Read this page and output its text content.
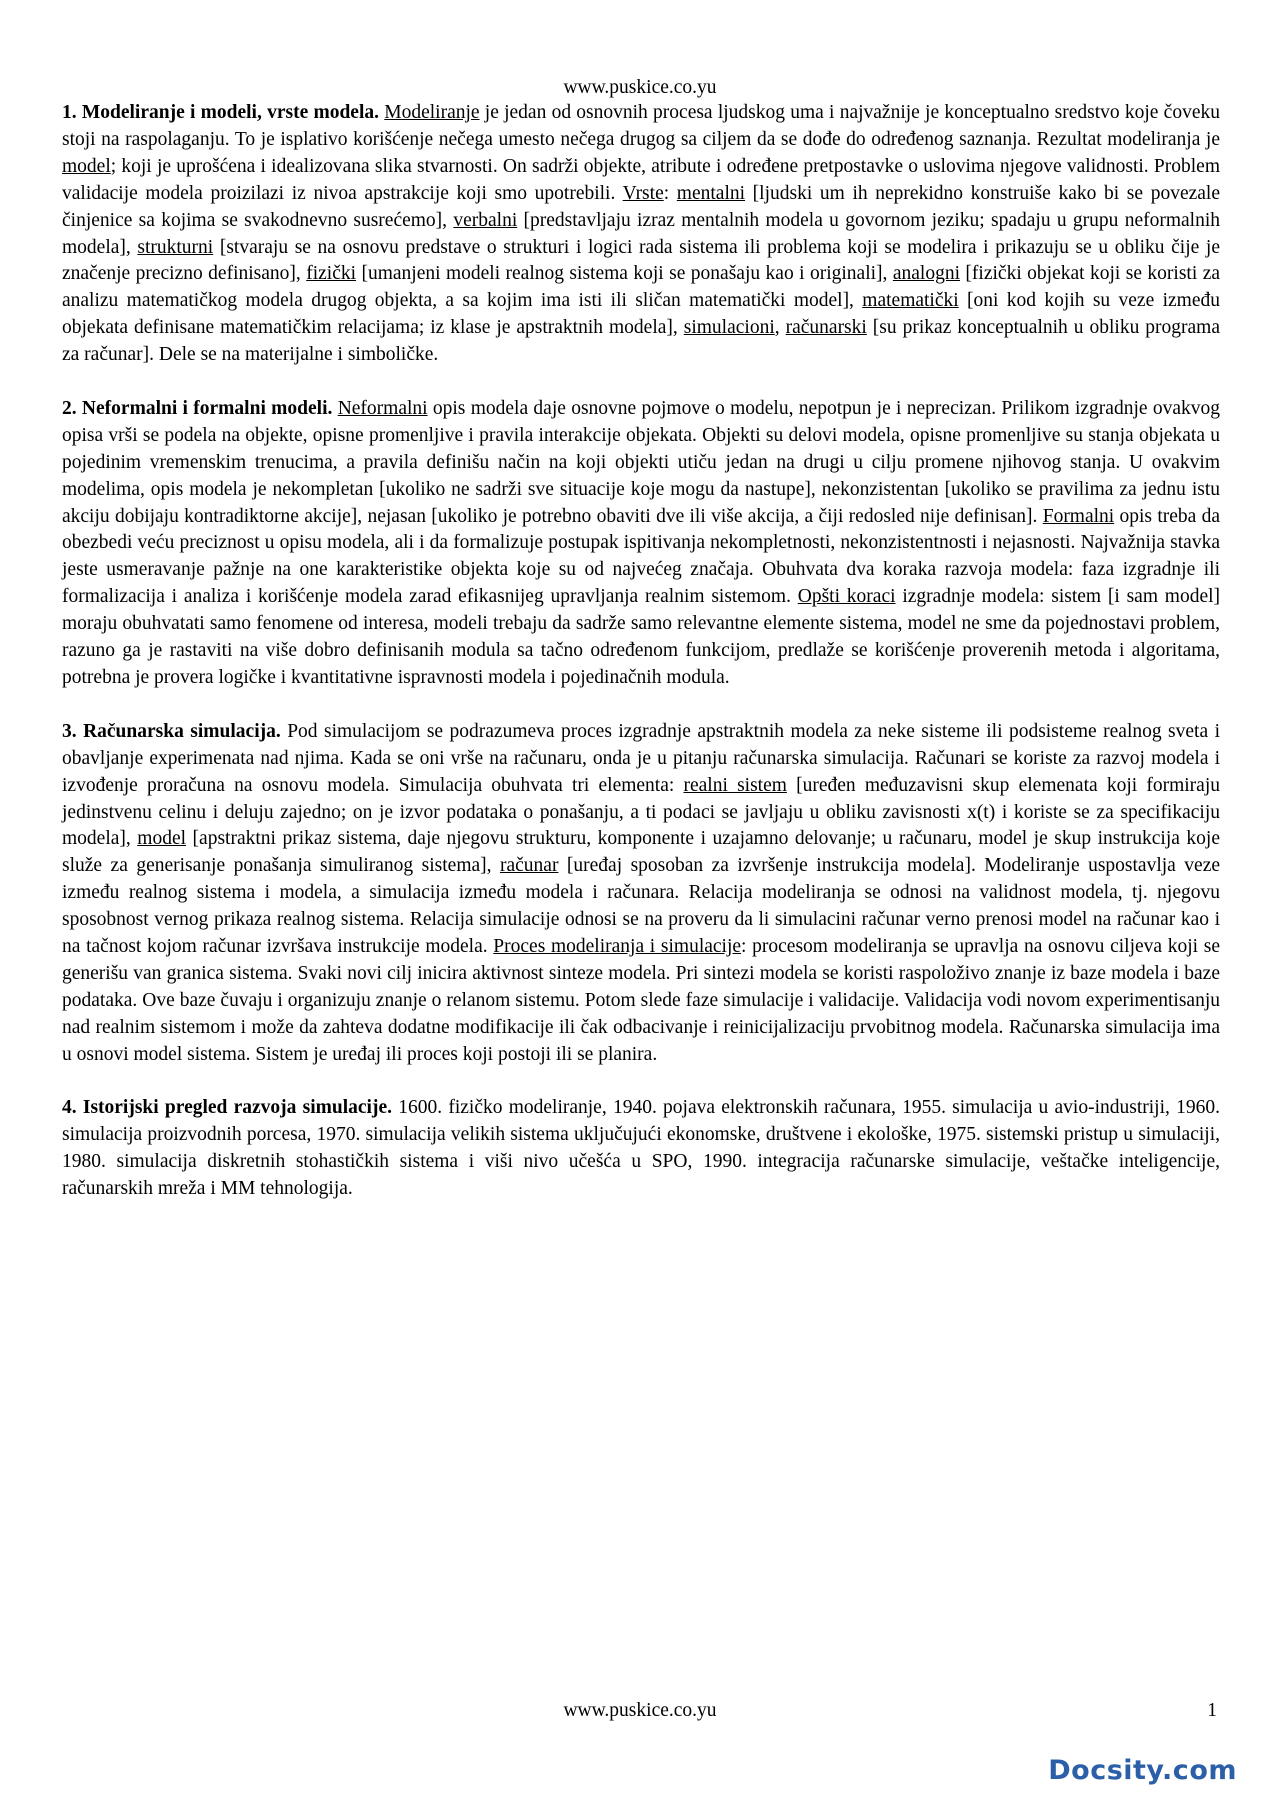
www.puskice.co.yu

1. Modeliranje i modeli, vrste modela. Modeliranje je jedan od osnovnih procesa ljudskog uma i najvažnije je konceptualno sredstvo koje čoveku stoji na raspolaganju. To je isplativo korišćenje nečega umesto nečega drugog sa ciljem da se dođe do određenog saznanja. Rezultat modeliranja je model; koji je uprošćena i idealizovana slika stvarnosti. On sadrži objekte, atribute i određene pretpostavke o uslovima njegove validnosti. Problem validacije modela proizilazi iz nivoa apstrakcije koji smo upotrebili. Vrste: mentalni [ljudski um ih neprekidno konstruiše kako bi se povezale činjenice sa kojima se svakodnevno susrećemo], verbalni [predstavljaju izraz mentalnih modela u govornom jeziku; spadaju u grupu neformalnih modela], strukturni [stvaraju se na osnovu predstave o strukturi i logici rada sistema ili problema koji se modelira i prikazuju se u obliku čije je značenje precizno definisano], fizički [umanjeni modeli realnog sistema koji se ponašaju kao i originali], analogni [fizički objekat koji se koristi za analizu matematičkog modela drugog objekta, a sa kojim ima isti ili sličan matematički model], matematički [oni kod kojih su veze između objekata definisane matematičkim relacijama; iz klase je apstraktnih modela], simulacioni, računarski [su prikaz konceptualnih u obliku programa za računar]. Dele se na materijalne i simboličke.

2. Neformalni i formalni modeli. Neformalni opis modela daje osnovne pojmove o modelu, nepotpun je i neprecizan. Prilikom izgradnje ovakvog opisa vrši se podela na objekte, opisne promenljive i pravila interakcije objekata. Objekti su delovi modela, opisne promenljive su stanja objekata u pojedinim vremenskim trenucima, a pravila definišu način na koji objekti utiču jedan na drugi u cilju promene njihovog stanja. U ovakvim modelima, opis modela je nekompletan [ukoliko ne sadrži sve situacije koje mogu da nastupe], nekonzistentan [ukoliko se pravilima za jednu istu akciju dobijaju kontradiktorne akcije], nejasan [ukoliko je potrebno obaviti dve ili više akcija, a čiji redosled nije definisan]. Formalni opis treba da obezbedi veću preciznost u opisu modela, ali i da formalizuje postupak ispitivanja nekompletnosti, nekonzistentnosti i nejasnosti. Najvažnija stavka jeste usmeravanje pažnje na one karakteristike objekta koje su od najvećeg značaja. Obuhvata dva koraka razvoja modela: faza izgradnje ili formalizacija i analiza i korišćenje modela zarad efikasnijeg upravljanja realnim sistemom. Opšti koraci izgradnje modela: sistem [i sam model] moraju obuhvatati samo fenomene od interesa, modeli trebaju da sadrže samo relevantne elemente sistema, model ne sme da pojednostavi problem, razuno ga je rastaviti na više dobro definisanih modula sa tačno određenom funkcijom, predlaže se korišćenje proverenih metoda i algoritama, potrebna je provera logičke i kvantitativne ispravnosti modela i pojedinačnih modula.

3. Računarska simulacija. Pod simulacijom se podrazumeva proces izgradnje apstraktnih modela za neke sisteme ili podsisteme realnog sveta i obavljanje experimenata nad njima. Kada se oni vrše na računaru, onda je u pitanju računarska simulacija. Računari se koriste za razvoj modela i izvođenje proračuna na osnovu modela. Simulacija obuhvata tri elementa: realni sistem [uređen međuzavisni skup elemenata koji formiraju jedinstvenu celinu i deluju zajedno; on je izvor podataka o ponašanju, a ti podaci se javljaju u obliku zavisnosti x(t) i koriste se za specifikaciju modela], model [apstraktni prikaz sistema, daje njegovu strukturu, komponente i uzajamno delovanje; u računaru, model je skup instrukcija koje služe za generisanje ponašanja simuliranog sistema], računar [uređaj sposoban za izvršenje instrukcija modela]. Modeliranje uspostavlja veze između realnog sistema i modela, a simulacija između modela i računara. Relacija modeliranja se odnosi na validnost modela, tj. njegovu sposobnost vernog prikaza realnog sistema. Relacija simulacije odnosi se na proveru da li simulacini računar verno prenosi model na računar kao i na tačnost kojom računar izvršava instrukcije modela. Proces modeliranja i simulacije: procesom modeliranja se upravlja na osnovu ciljeva koji se generišu van granica sistema. Svaki novi cilj inicira aktivnost sinteze modela. Pri sintezi modela se koristi raspoloživo znanje iz baze modela i baze podataka. Ove baze čuvaju i organizuju znanje o relanom sistemu. Potom slede faze simulacije i validacije. Validacija vodi novom experimentisanju nad realnim sistemom i može da zahteva dodatne modifikacije ili čak odbacivanje i reinicijalizaciju prvobitnog modela. Računarska simulacija ima u osnovi model sistema. Sistem je uređaj ili proces koji postoji ili se planira.

4. Istorijski pregled razvoja simulacije. 1600. fizičko modeliranje, 1940. pojava elektronskih računara, 1955. simulacija u avio-industriji, 1960. simulacija proizvodnih porcesa, 1970. simulacija velikih sistema uključujući ekonomske, društvene i ekološke, 1975. sistemski pristup u simulaciji, 1980. simulacija diskretnih stohastičkih sistema i viši nivo učešća u SPO, 1990. integracija računarske simulacije, veštačke inteligencije, računarskih mreža i MM tehnologija.

www.puskice.co.yu	1
Docsity.com
